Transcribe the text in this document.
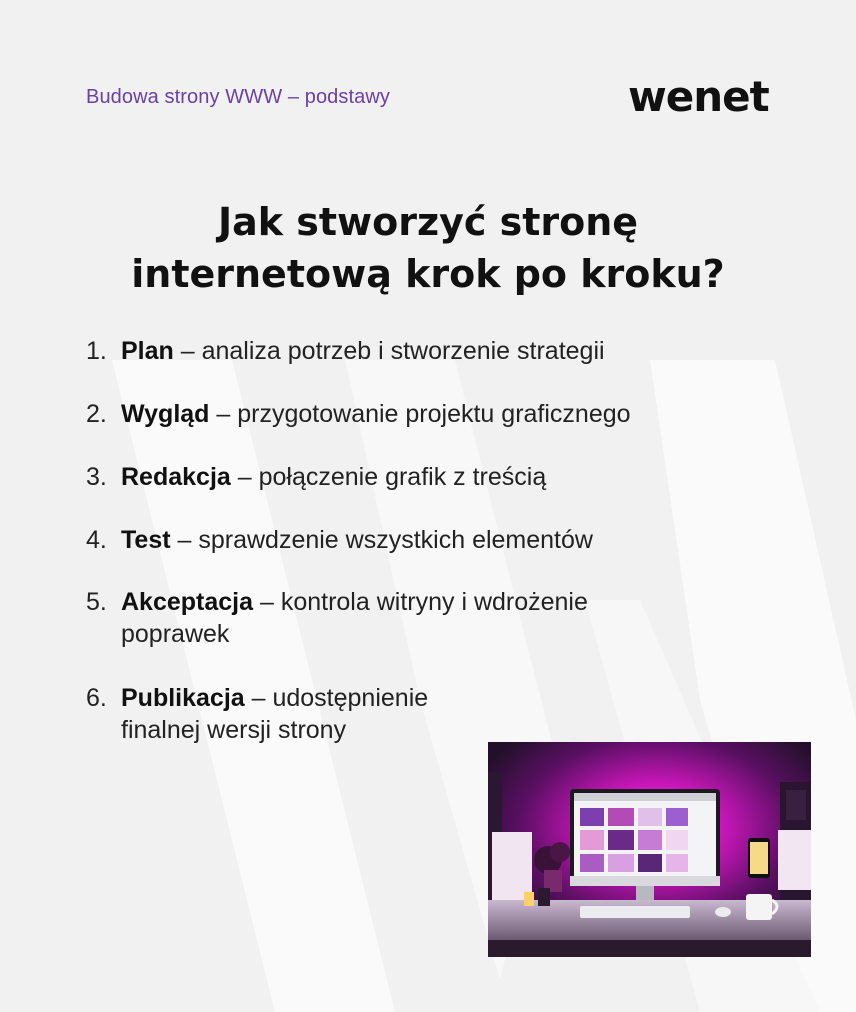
Budowa strony WWW – podstawy	wenet
Jak stworzyć stronę
internetową krok po kroku?
1. Plan – analiza potrzeb i stworzenie strategii
2. Wygląd – przygotowanie projektu graficznego
3. Redakcja – połączenie grafik z treścią
4. Test – sprawdzenie wszystkich elementów
5. Akceptacja – kontrola witryny i wdrożenie poprawek
6. Publikacja – udostępnienie finalnej wersji strony
